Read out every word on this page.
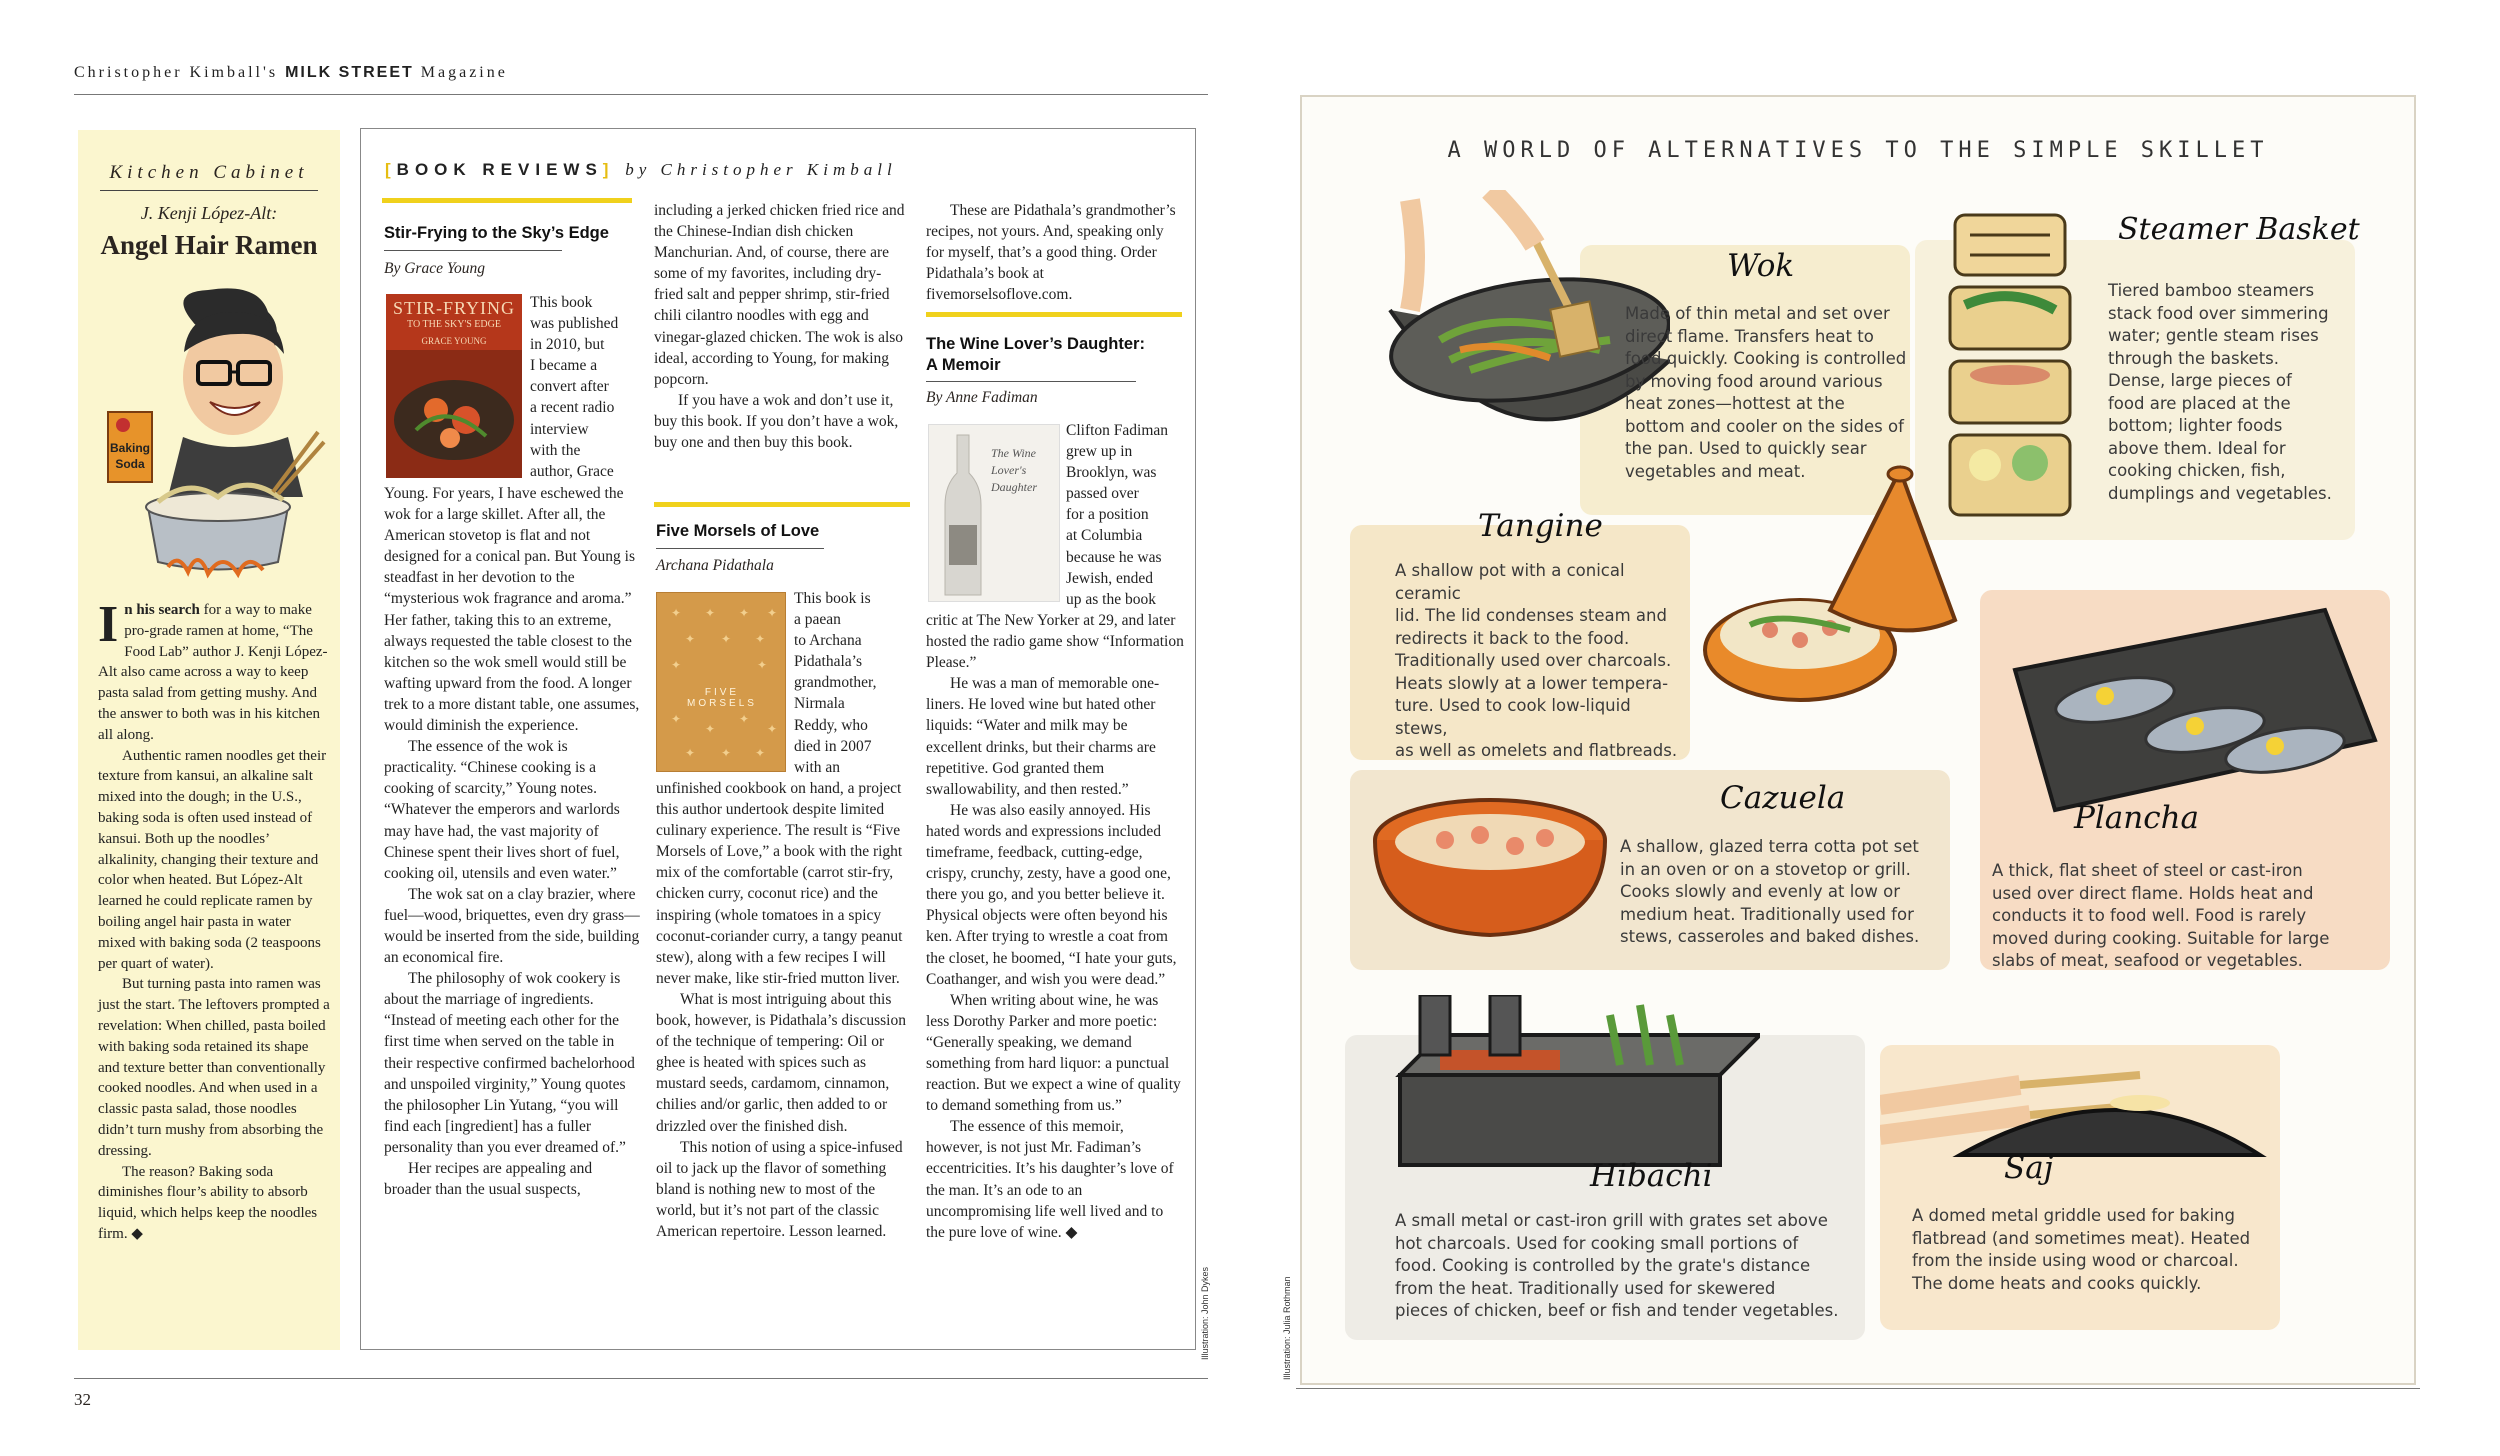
Christopher Kimball's MILK STREET Magazine
Kitchen Cabinet
J. Kenji López-Alt:
Angel Hair Ramen
Baking
Soda

In his search for a way to make pro-grade ramen at home, “The Food Lab” author J. Kenji López-Alt also came across a way to keep pasta salad from getting mushy. And the answer to both was in his kitchen all along.

Authentic ramen noodles get their texture from kansui, an alkaline salt mixed into the dough; in the U.S., baking soda is often used instead of kansui. Both up the noodles’ alkalinity, changing their texture and color when heated. But López-Alt learned he could replicate ramen by boiling angel hair pasta in water mixed with baking soda (2 teaspoons per quart of water).

But turning pasta into ramen was just the start. The leftovers prompted a revelation: When chilled, pasta boiled with baking soda retained its shape and texture better than conventionally cooked noodles. And when used in a classic pasta salad, those noodles didn’t turn mushy from absorbing the dressing.

The reason? Baking soda diminishes flour’s ability to absorb liquid, which helps keep the noodles firm. ◆

[BOOK REVIEWS] by Christopher Kimball
Stir-Frying to the Sky’s Edge
By Grace Young
STIR-FRYING
TO THE SKY'S EDGE
GRACE YOUNG
This book
was published
in 2010, but
I became a
convert after
a recent radio
interview
with the
author, Grace

Young. For years, I have eschewed the wok for a large skillet. After all, the American stovetop is flat and not designed for a conical pan. But Young is steadfast in her devotion to the “mysterious wok fragrance and aroma.” Her father, taking this to an extreme, always requested the table closest to the kitchen so the wok smell would still be wafting upward from the food. A longer trek to a more distant table, one assumes, would diminish the experience.

The essence of the wok is practicality. “Chinese cooking is a cooking of scarcity,” Young notes. “Whatever the emperors and warlords may have had, the vast majority of Chinese spent their lives short of fuel, cooking oil, utensils and even water.”

The wok sat on a clay brazier, where fuel—wood, briquettes, even dry grass—would be inserted from the side, building an economical fire.

The philosophy of wok cookery is about the marriage of ingredients. “Instead of meeting each other for the first time when served on the table in their respective confirmed bachelorhood and unspoiled virginity,” Young quotes the philosopher Lin Yutang, “you will find each [ingredient] has a fuller personality than you ever dreamed of.”

Her recipes are appealing and broader than the usual suspects,

including a jerked chicken fried rice and the Chinese-Indian dish chicken Manchurian. And, of course, there are some of my favorites, including dry-fried salt and pepper shrimp, stir-fried chili cilantro noodles with egg and vinegar-glazed chicken. The wok is also ideal, according to Young, for making popcorn.

If you have a wok and don’t use it, buy this book. If you don’t have a wok, buy one and then buy this book.

Five Morsels of Love
Archana Pidathala
✦ ✦ ✦ ✦
✦ ✦ ✦
✦	✦
✦
✦
✦
✦
✦ ✦ ✦
FIVE
MORSELS
This book is
a paean
to Archana
Pidathala’s
grandmother,
Nirmala
Reddy, who
died in 2007
with an

unfinished cookbook on hand, a project this author undertook despite limited culinary experience. The result is “Five Morsels of Love,” a book with the right mix of the comfortable (carrot stir-fry, chicken curry, coconut rice) and the inspiring (whole tomatoes in a spicy coconut-coriander curry, a tangy peanut stew), along with a few recipes I will never make, like stir-fried mutton liver.

What is most intriguing about this book, however, is Pidathala’s discussion of the technique of tempering: Oil or ghee is heated with spices such as mustard seeds, cardamom, cinnamon, chilies and/or garlic, then added to or drizzled over the finished dish.

This notion of using a spice-infused oil to jack up the flavor of something bland is nothing new to most of the world, but it’s not part of the classic American repertoire. Lesson learned.

These are Pidathala’s grandmother’s recipes, not yours. And, speaking only for myself, that’s a good thing. Order Pidathala’s book at fivemorselsoflove.com.

The Wine Lover’s Daughter:
A Memoir
By Anne Fadiman
The Wine Lover's Daughter
Clifton Fadiman
grew up in
Brooklyn, was
passed over
for a position
at Columbia
because he was
Jewish, ended
up as the book

critic at The New Yorker at 29, and later hosted the radio game show “Information Please.”

He was a man of memorable one-liners. He loved wine but hated other liquids: “Water and milk may be excellent drinks, but their charms are repetitive. God granted them swallowability, and then rested.”

He was also easily annoyed. His hated words and expressions included timeframe, feedback, cutting-edge, crispy, crunchy, zesty, have a good one, there you go, and you better believe it. Physical objects were often beyond his ken. After trying to wrestle a coat from the closet, he boomed, “I hate your guts, Coathanger, and wish you were dead.”

When writing about wine, he was less Dorothy Parker and more poetic: “Generally speaking, we demand something from hard liquor: a punctual reaction. But we expect a wine of quality to demand something from us.”

The essence of this memoir, however, is not just Mr. Fadiman’s eccentricities. It’s his daughter’s love of the man. It’s an ode to an uncompromising life well lived and to the pure love of wine. ◆

Illustration: John Dykes
32
Illustration: Julia Rothman
A WORLD OF ALTERNATIVES TO THE SIMPLE SKILLET
Wok
Made of thin metal and set over
direct flame. Transfers heat to
food quickly. Cooking is controlled
by moving food around various
heat zones—hottest at the
bottom and cooler on the sides of
the pan. Used to quickly sear
vegetables and meat.
Steamer Basket
Tiered bamboo steamers
stack food over simmering
water; gentle steam rises
through the baskets.
Dense, large pieces of
food are placed at the
bottom; lighter foods
above them. Ideal for
cooking chicken, fish,
dumplings and vegetables.
Tangine
A shallow pot with a conical ceramic
lid. The lid condenses steam and
redirects it back to the food.
Traditionally used over charcoals.
Heats slowly at a lower tempera-
ture. Used to cook low-liquid stews,
as well as omelets and flatbreads.
Plancha
A thick, flat sheet of steel or cast-iron
used over direct flame. Holds heat and
conducts it to food well. Food is rarely
moved during cooking. Suitable for large
slabs of meat, seafood or vegetables.
Cazuela
A shallow, glazed terra cotta pot set
in an oven or on a stovetop or grill.
Cooks slowly and evenly at low or
medium heat. Traditionally used for
stews, casseroles and baked dishes.
Hibachi
A small metal or cast-iron grill with grates set above
hot charcoals. Used for cooking small portions of
food. Cooking is controlled by the grate's distance
from the heat. Traditionally used for skewered
pieces of chicken, beef or fish and tender vegetables.
Saj
A domed metal griddle used for baking
flatbread (and sometimes meat). Heated
from the inside using wood or charcoal.
The dome heats and cooks quickly.
